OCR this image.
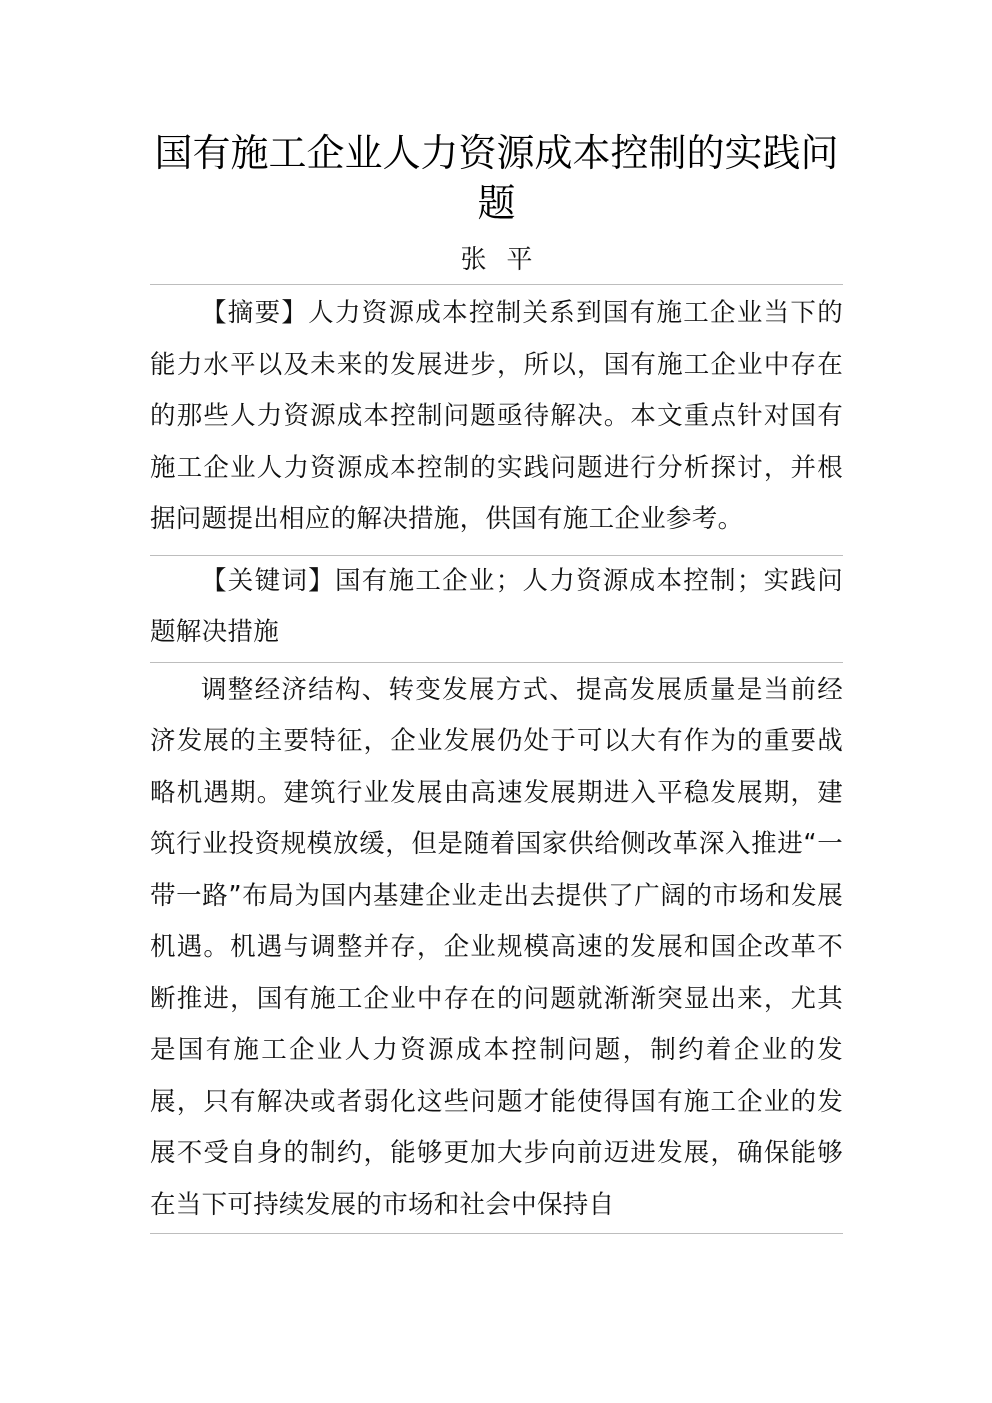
国有施工企业人力资源成本控制的实践问题
张平

【摘要】人力资源成本控制关系到国有施工企业当下的能力水平以及未来的发展进步，所以，国有施工企业中存在的那些人力资源成本控制问题亟待解决。本文重点针对国有施工企业人力资源成本控制的实践问题进行分析探讨，并根据问题提出相应的解决措施，供国有施工企业参考。

【关键词】国有施工企业；人力资源成本控制；实践问题解决措施

调整经济结构、转变发展方式、提高发展质量是当前经济发展的主要特征，企业发展仍处于可以大有作为的重要战略机遇期。建筑行业发展由高速发展期进入平稳发展期，建筑行业投资规模放缓，但是随着国家供给侧改革深入推进“一带一路”布局为国内基建企业走出去提供了广阔的市场和发展机遇。机遇与调整并存，企业规模高速的发展和国企改革不断推进，国有施工企业中存在的问题就渐渐突显出来，尤其是国有施工企业人力资源成本控制问题，制约着企业的发展，只有解决或者弱化这些问题才能使得国有施工企业的发展不受自身的制约，能够更加大步向前迈进发展，确保能够在当下可持续发展的市场和社会中保持自
